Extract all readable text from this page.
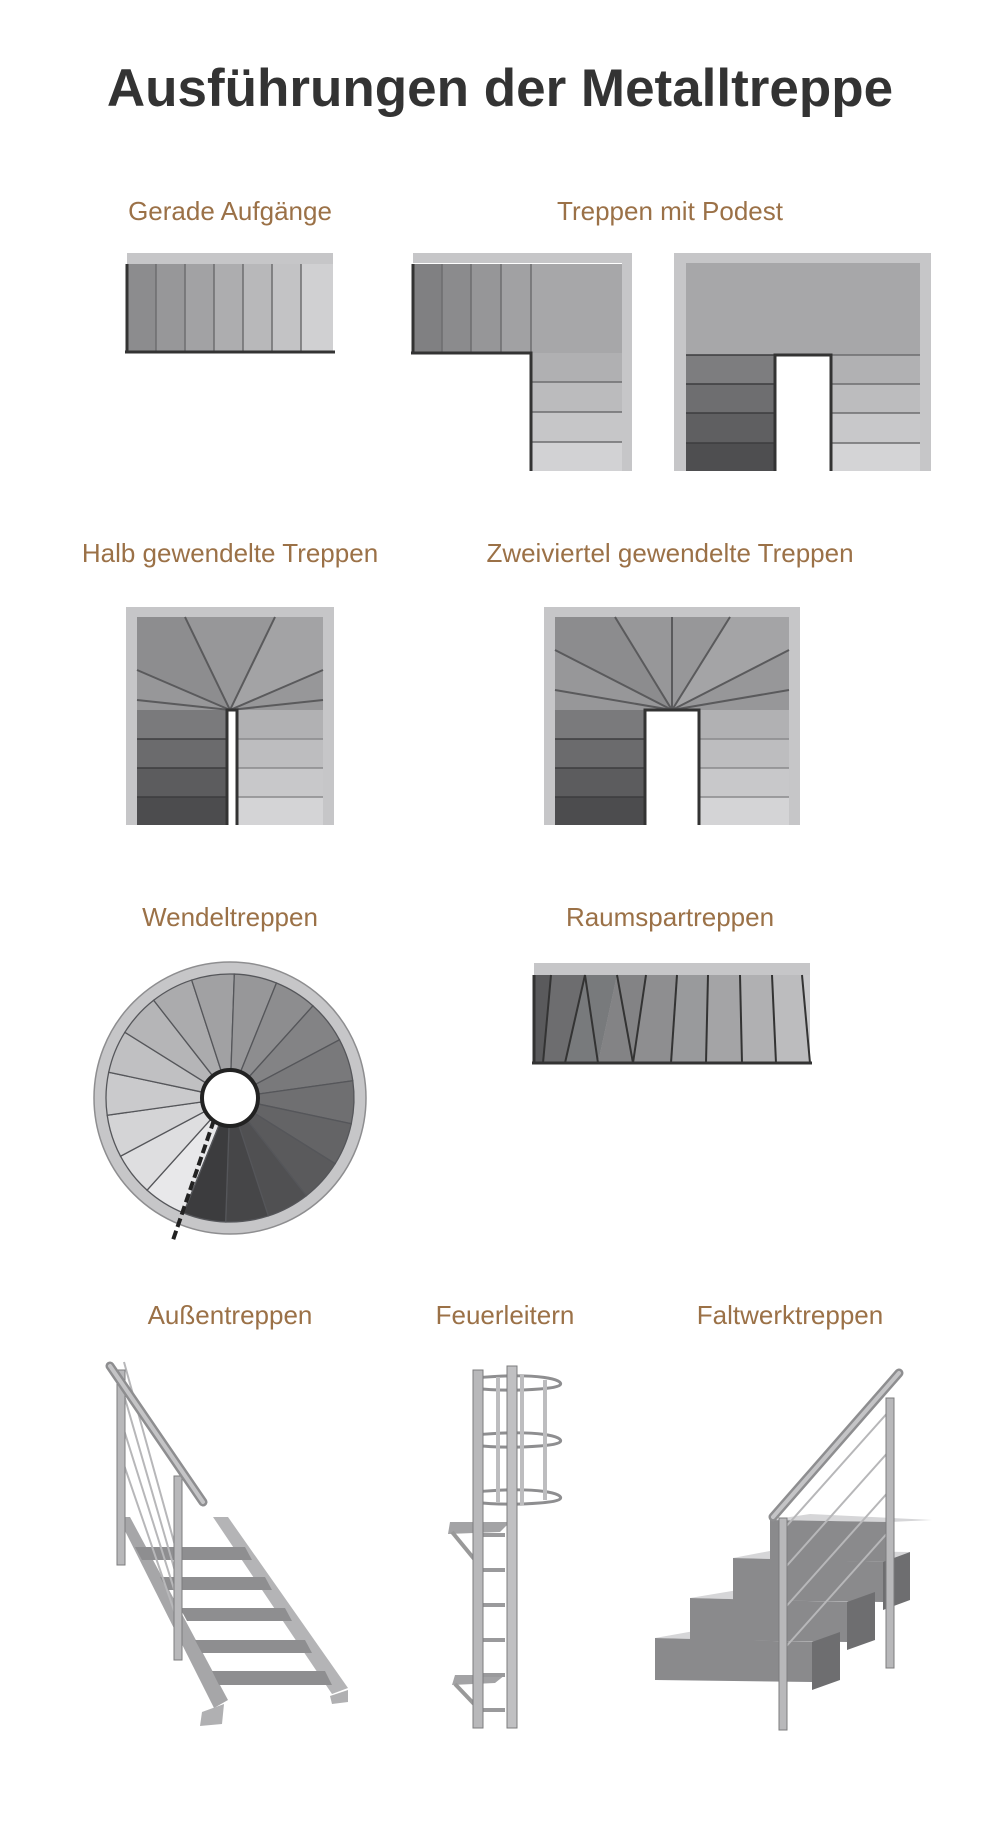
Ausführungen der Metalltreppe
Gerade Aufgänge	Treppen mit Podest
Halb gewendelte Treppen	Zweiviertel gewendelte Treppen
Wendeltreppen	Raumspartreppen
Außentreppen	Feuerleitern	Faltwerktreppen
